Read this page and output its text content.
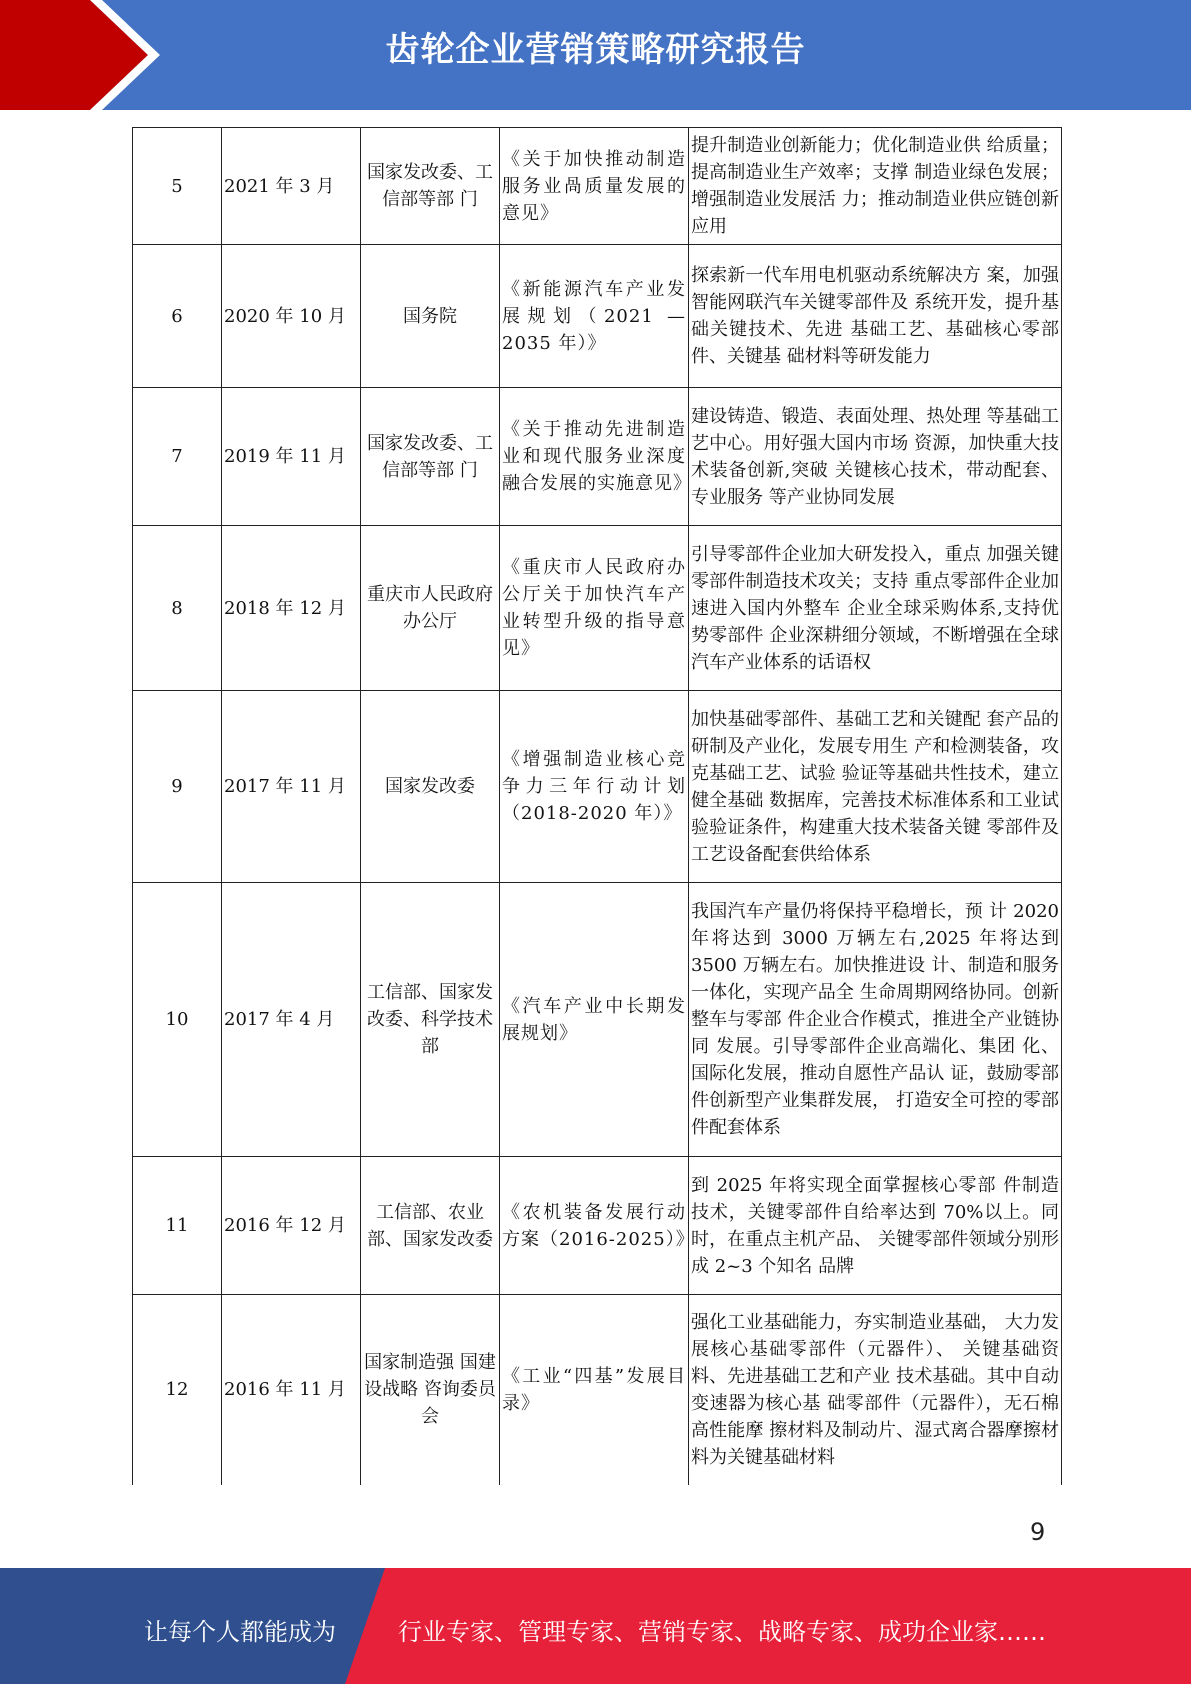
齿轮企业营销策略研究报告
5	2021 年 3 月	国家发改委、工信部等部 门	《关于加快推动制造服务业咼质量发展的意见》	提升制造业创新能力；优化制造业供 给质量；提高制造业生产效率；支撑 制造业绿色发展；增强制造业发展活 力；推动制造业供应链创新应用
6	2020 年 10 月	国务院	《新能源汽车产业发展规划（2021 —2035 年）》	探索新一代车用电机驱动系统解决方 案，加强智能网联汽车关键零部件及 系统开发，提升基础关键技术、先进 基础工艺、基础核心零部件、关键基 础材料等研发能力
7	2019 年 11 月	国家发改委、工信部等部 门	《关于推动先进制造业和现代服务业深度融合发展的实施意见》	建设铸造、锻造、表面处理、热处理 等基础工艺中心。用好强大国内市场 资源，加快重大技术装备创新,突破 关键核心技术，带动配套、专业服务 等产业协同发展
8	2018 年 12 月	重庆市人民政府办公厅	《重庆市人民政府办公厅关于加快汽车产业转型升级的指导意见》	引导零部件企业加大研发投入，重点 加强关键零部件制造技术攻关；支持 重点零部件企业加速进入国内外整车 企业全球采购体系,支持优势零部件 企业深耕细分领域，不断增强在全球 汽车产业体系的话语权
9	2017 年 11 月	国家发改委	《增强制造业核心竞争力三年行动计划（2018-2020 年）》	加快基础零部件、基础工艺和关键配 套产品的研制及产业化，发展专用生 产和检测装备，攻克基础工艺、试验 验证等基础共性技术，建立健全基础 数据库，完善技术标准体系和工业试 验验证条件，构建重大技术装备关键 零部件及工艺设备配套供给体系
10	2017 年 4 月	工信部、国家发改委、科学技术部	《汽车产业中长期发展规划》	我国汽车产量仍将保持平稳增长，预 计 2020 年将达到 3000 万辆左右,2025 年将达到 3500 万辆左右。加快推进设 计、制造和服务一体化，实现产品全 生命周期网络协同。创新整车与零部 件企业合作模式，推进全产业链协同 发展。引导零部件企业高端化、集团 化、国际化发展，推动自愿性产品认 证，鼓励零部件创新型产业集群发展， 打造安全可控的零部件配套体系
11	2016 年 12 月	工信部、农业部、国家发改委	《农机装备发展行动方案（2016-2025）》	到 2025 年将实现全面掌握核心零部 件制造技术，关键零部件自给率达到 70%以上。同时，在重点主机产品、 关键零部件领域分别形成 2~3 个知名 品牌
12	2016 年 11 月	国家制造强 国建设战略 咨询委员会	《工业“四基”发展目录》	强化工业基础能力，夯实制造业基础， 大力发展核心基础零部件（元器件）、 关键基础资料、先进基础工艺和产业 技术基础。其中自动变速器为核心基 础零部件（元器件），无石棉高性能摩 擦材料及制动片、湿式离合器摩擦材 料为关键基础材料
9
让每个人都能成为	行业专家、管理专家、营销专家、战略专家、成功企业家……
